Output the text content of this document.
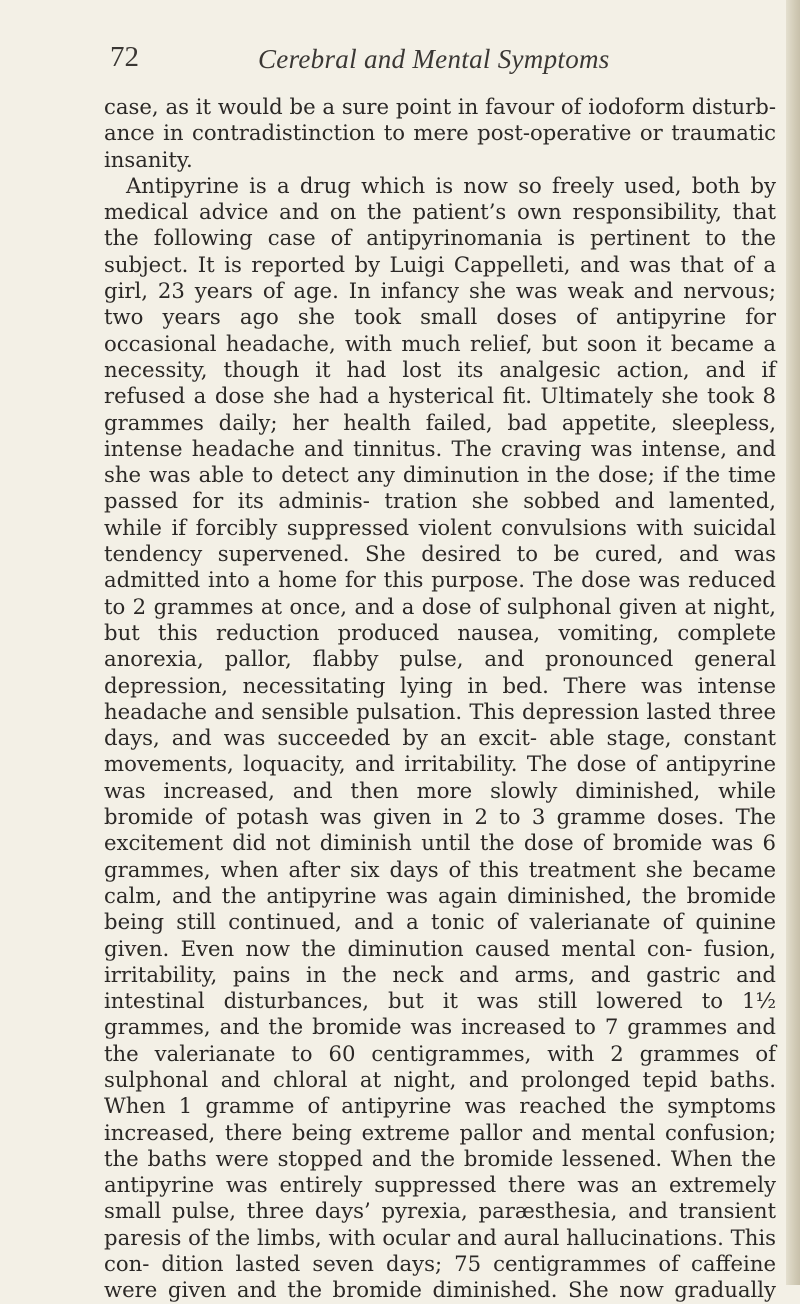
72	Cerebral and Mental Symptoms

case, as it would be a sure point in favour of iodoform disturb- ance in contradistinction to mere post-operative or traumatic insanity.

Antipyrine is a drug which is now so freely used, both by medical advice and on the patient’s own responsibility, that the following case of antipyrinomania is pertinent to the subject. It is reported by Luigi Cappelleti, and was that of a girl, 23 years of age. In infancy she was weak and nervous; two years ago she took small doses of antipyrine for occasional headache, with much relief, but soon it became a necessity, though it had lost its analgesic action, and if refused a dose she had a hysterical fit. Ultimately she took 8 grammes daily; her health failed, bad appetite, sleepless, intense headache and tinnitus. The craving was intense, and she was able to detect any diminution in the dose; if the time passed for its adminis- tration she sobbed and lamented, while if forcibly suppressed violent convulsions with suicidal tendency supervened. She desired to be cured, and was admitted into a home for this purpose. The dose was reduced to 2 grammes at once, and a dose of sulphonal given at night, but this reduction produced nausea, vomiting, complete anorexia, pallor, flabby pulse, and pronounced general depression, necessitating lying in bed. There was intense headache and sensible pulsation. This depression lasted three days, and was succeeded by an excit- able stage, constant movements, loquacity, and irritability. The dose of antipyrine was increased, and then more slowly diminished, while bromide of potash was given in 2 to 3 gramme doses. The excitement did not diminish until the dose of bromide was 6 grammes, when after six days of this treatment she became calm, and the antipyrine was again diminished, the bromide being still continued, and a tonic of valerianate of quinine given. Even now the diminution caused mental con- fusion, irritability, pains in the neck and arms, and gastric and intestinal disturbances, but it was still lowered to 1½ grammes, and the bromide was increased to 7 grammes and the valerianate to 60 centigrammes, with 2 grammes of sulphonal and chloral at night, and prolonged tepid baths. When 1 gramme of antipyrine was reached the symptoms increased, there being extreme pallor and mental confusion; the baths were stopped and the bromide lessened. When the antipyrine was entirely suppressed there was an extremely small pulse, three days’ pyrexia, paræsthesia, and transient paresis of the limbs, with ocular and aural hallucinations. This con- dition lasted seven days; 75 centigrammes of caffeine were given and the bromide diminished. She now gradually
